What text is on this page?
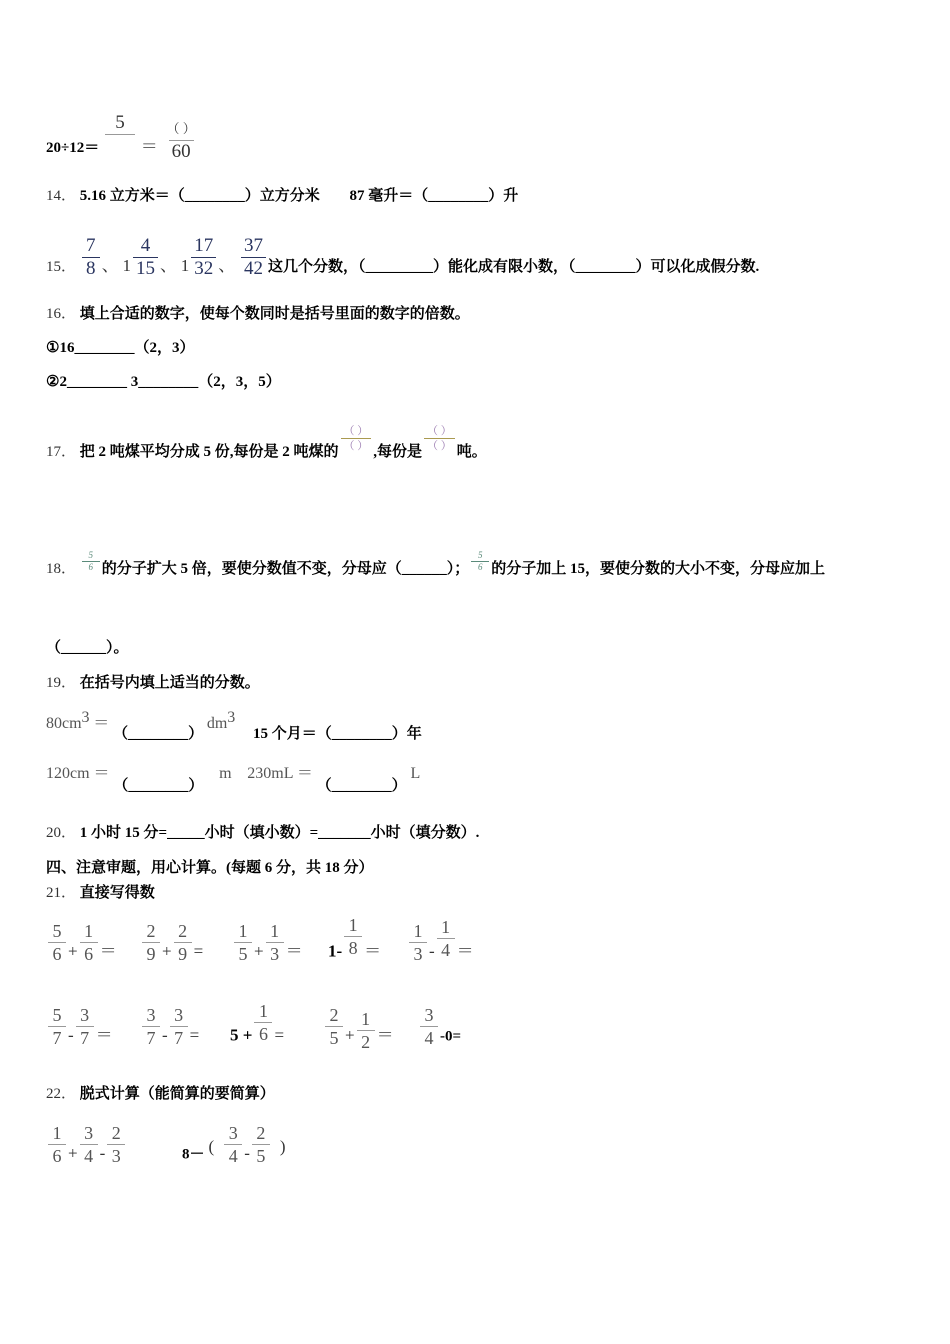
20÷12＝
5
＝ $\frac{( )}{60}$
14． 5.16 立方米＝（________）立方分米 87 毫升＝（________）升
15． $\frac{7}{8}$ 、 $1 \frac{4}{15}$ 、 $1 \frac{17}{32}$ 、 $\frac{37}{42}$ 这几个分数，（_________）能化成有限小数，（________）可以化成假分数.
16． 填上合适的数字，使每个数同时是括号里面的数字的倍数。
①16________（2，3）
②2________ 3________（2，3，5）
17． 把 2 吨煤平均分成 5 份,每份是 2 吨煤的 $\frac{( )}{( )}$ ,每份是 $\frac{( )}{( )}$ 吨。
18． $\frac{5}{6}$ 的分子扩大 5 倍，要使分数值不变，分母应（______）； $\frac{5}{6}$ 的分子加上 15，要使分数的大小不变，分母应加上
（______）。
19． 在括号内填上适当的分数。
$80cm^3$ ＝ （________） $dm^3$ 15 个月＝（________）年
120cm ＝ （________） m 230mL ＝ （________） L
20． 1 小时 15 分=_____小时（填小数）=_______小时（填分数）.
四、注意审题，用心计算。(每题 6 分，共 18 分）
21． 直接写得数
$\frac{5}{6} + \frac{1}{6} = \frac{2}{9} + \frac{2}{9} = \frac{1}{5} + \frac{1}{3} = 1- \frac{1}{8} = \frac{1}{3} - \frac{1}{4}$ ＝
$\frac{5}{7} - \frac{3}{7} = \frac{3}{7} - \frac{3}{7} = 5 + \frac{1}{6} = \frac{2}{5} + \frac{1}{2} = \frac{3}{4} -0=$
22． 脱式计算（能简算的要简算）
$\frac{1}{6} + \frac{3}{4} - \frac{2}{3}$	8－ ( $\frac{3}{4} - \frac{2}{5}$ )
